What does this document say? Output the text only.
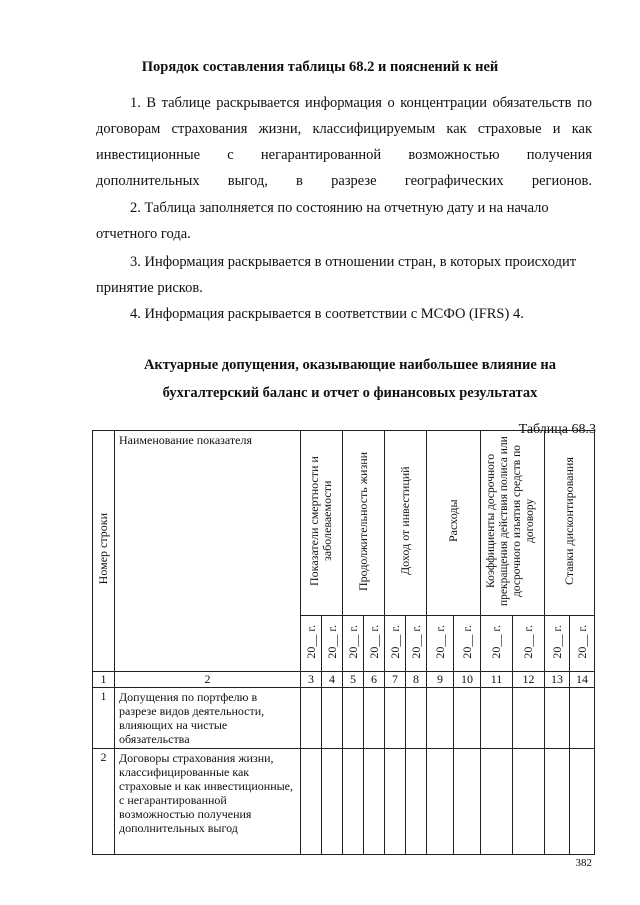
Порядок составления таблицы 68.2 и пояснений к ней
1. В таблице раскрывается информация о концентрации обязательств по договорам страхования жизни, классифицируемым как страховые и как инвестиционные с негарантированной возможностью получения дополнительных выгод, в разрезе географических регионов.
2. Таблица заполняется по состоянию на отчетную дату и на начало отчетного года.
3. Информация раскрывается в отношении стран, в которых происходит принятие рисков.
4. Информация раскрывается в соответствии с МСФО (IFRS) 4.
Актуарные допущения, оказывающие наибольшее влияние на
бухгалтерский баланс и отчет о финансовых результатах
Таблица 68.3
Номер строки	Наименование показателя	Показатели смертности и заболеваемости		Продолжительность жизни		Доход от инвестиций		Расходы		Коэффициенты досрочного прекращения действия полиса или досрочного изъятия средств по договору		Ставки дисконтирования	
		20__ г.	20__ г.	20__ г.	20__ г.	20__ г.	20__ г.	20__ г.	20__ г.	20__ г.	20__ г.	20__ г.	20__ г.
1	2	3	4	5	6	7	8	9	10	11	12	13	14
1	Допущения по портфелю в разрезе видов деятельности, влияющих на чистые обязательства												
2	Договоры страхования жизни, классифицированные как страховые и как инвестиционные, с негарантированной возможностью получения дополнительных выгод												
382
